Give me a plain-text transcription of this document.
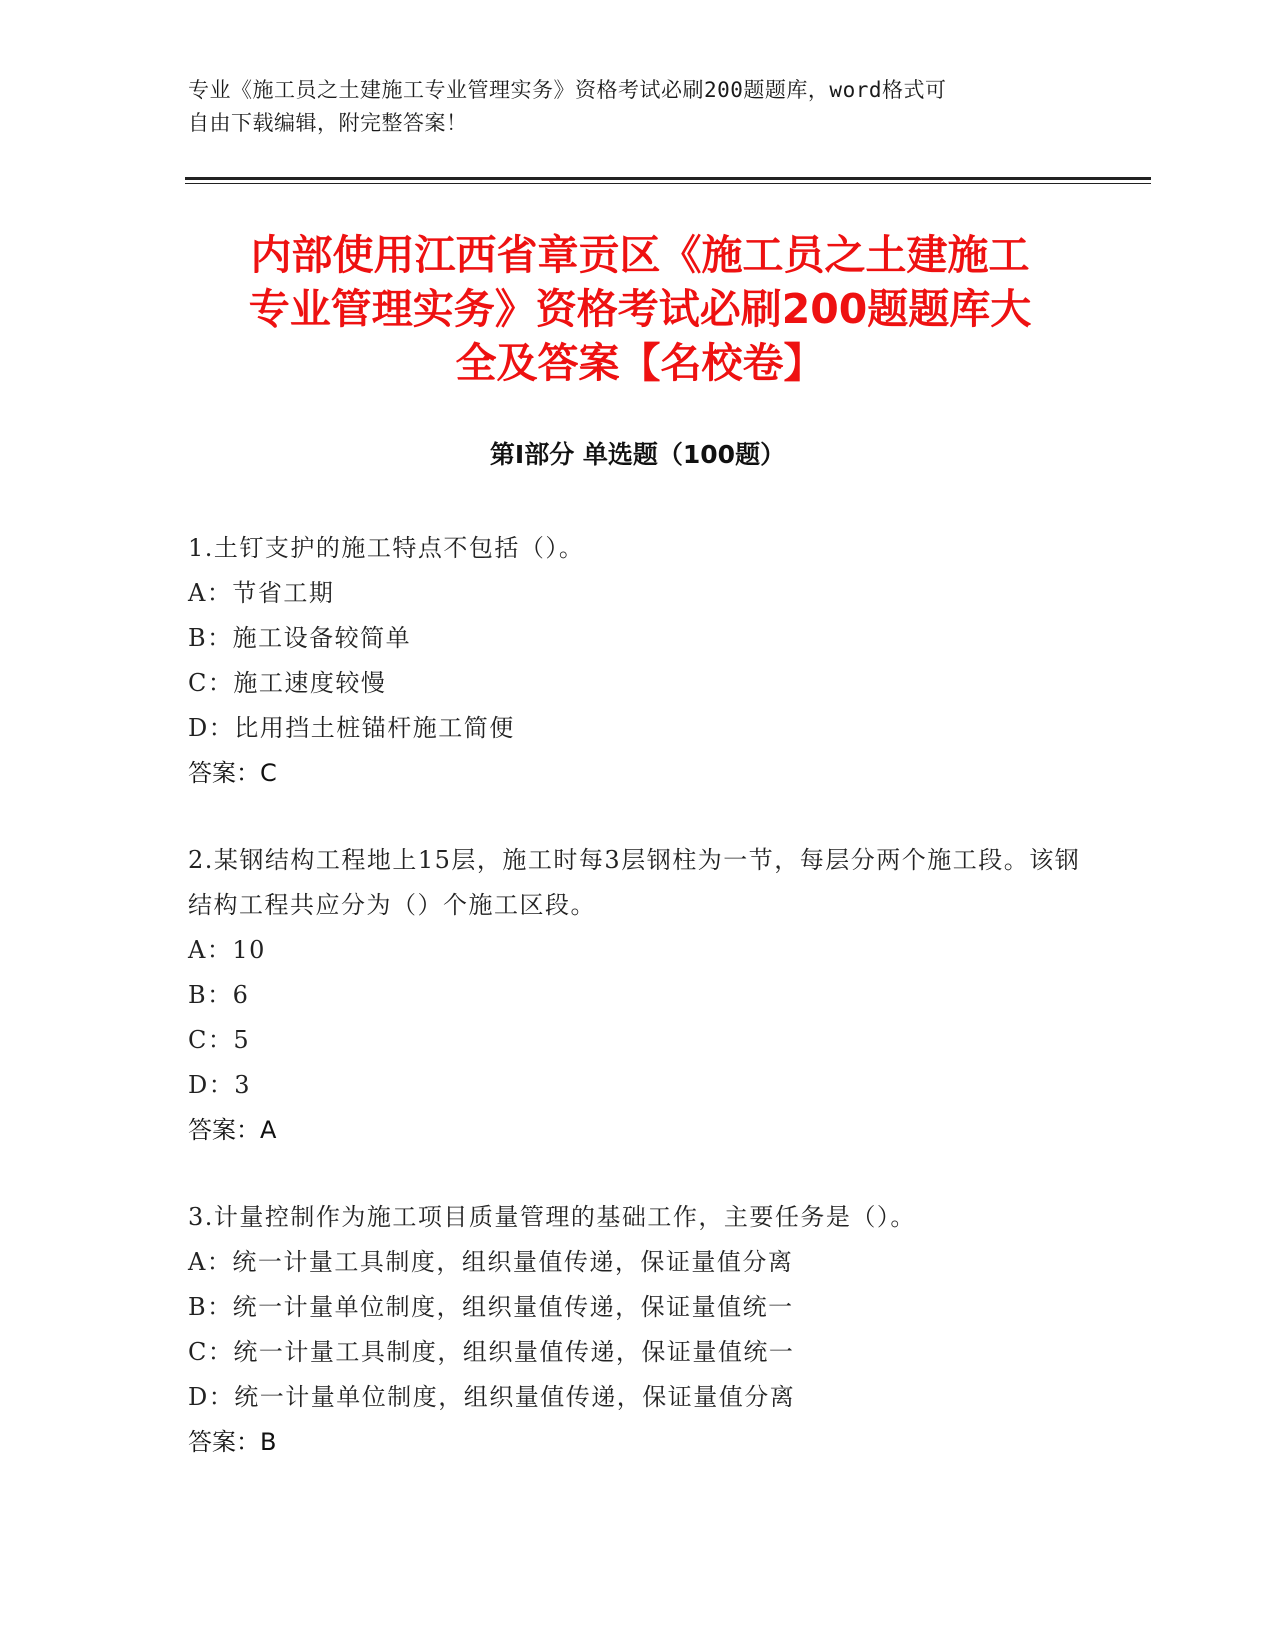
专业《施工员之土建施工专业管理实务》资格考试必刷200题题库，word格式可
自由下载编辑，附完整答案！
内部使用江西省章贡区《施工员之土建施工
专业管理实务》资格考试必刷200题题库大
全及答案【名校卷】
第Ⅰ部分 单选题（100题）
1.土钉支护的施工特点不包括（）。
A：节省工期
B：施工设备较简单
C：施工速度较慢
D：比用挡土桩锚杆施工简便
答案：C
2.某钢结构工程地上15层，施工时每3层钢柱为一节，每层分两个施工段。该钢结构工程共应分为（）个施工区段。
A：10
B：6
C：5
D：3
答案：A
3.计量控制作为施工项目质量管理的基础工作，主要任务是（）。
A：统一计量工具制度，组织量值传递，保证量值分离
B：统一计量单位制度，组织量值传递，保证量值统一
C：统一计量工具制度，组织量值传递，保证量值统一
D：统一计量单位制度，组织量值传递，保证量值分离
答案：B
